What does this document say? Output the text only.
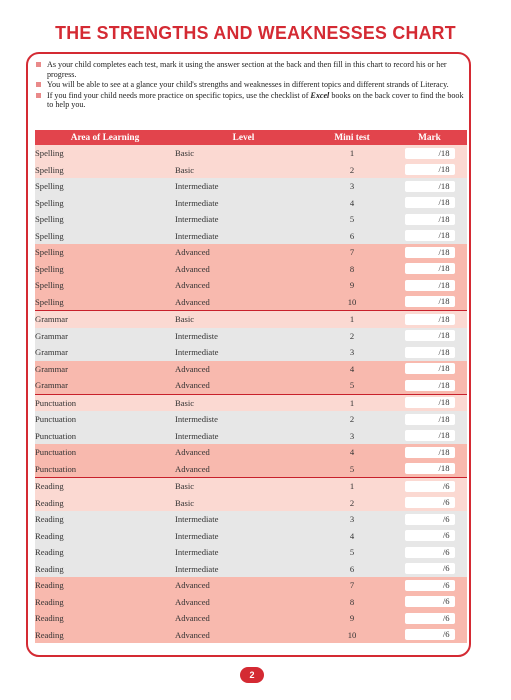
THE STRENGTHS AND WEAKNESSES CHART
As your child completes each test, mark it using the answer section at the back and then fill in this chart to record his or her progress.
You will be able to see at a glance your child's strengths and weaknesses in different topics and different strands of Literacy.
If you find your child needs more practice on specific topics, use the checklist of Excel books on the back cover to find the book to help you.
Area of Learning	Level	Mini test	Mark
Spelling	Basic	1	/18
Spelling	Basic	2	/18
Spelling	Intermediate	3	/18
Spelling	Intermediate	4	/18
Spelling	Intermediate	5	/18
Spelling	Intermediate	6	/18
Spelling	Advanced	7	/18
Spelling	Advanced	8	/18
Spelling	Advanced	9	/18
Spelling	Advanced	10	/18
Grammar	Basic	1	/18
Grammar	Intermediste	2	/18
Grammar	Intermediate	3	/18
Grammar	Advanced	4	/18
Grammar	Advanced	5	/18
Punctuation	Basic	1	/18
Punctuation	Intermediste	2	/18
Punctuation	Intermediate	3	/18
Punctuation	Advanced	4	/18
Punctuation	Advanced	5	/18
Reading	Basic	1	/6
Reading	Basic	2	/6
Reading	Intermediate	3	/6
Reading	Intermediate	4	/6
Reading	Intermediate	5	/6
Reading	Intermediate	6	/6
Reading	Advanced	7	/6
Reading	Advanced	8	/6
Reading	Advanced	9	/6
Reading	Advanced	10	/6
2
